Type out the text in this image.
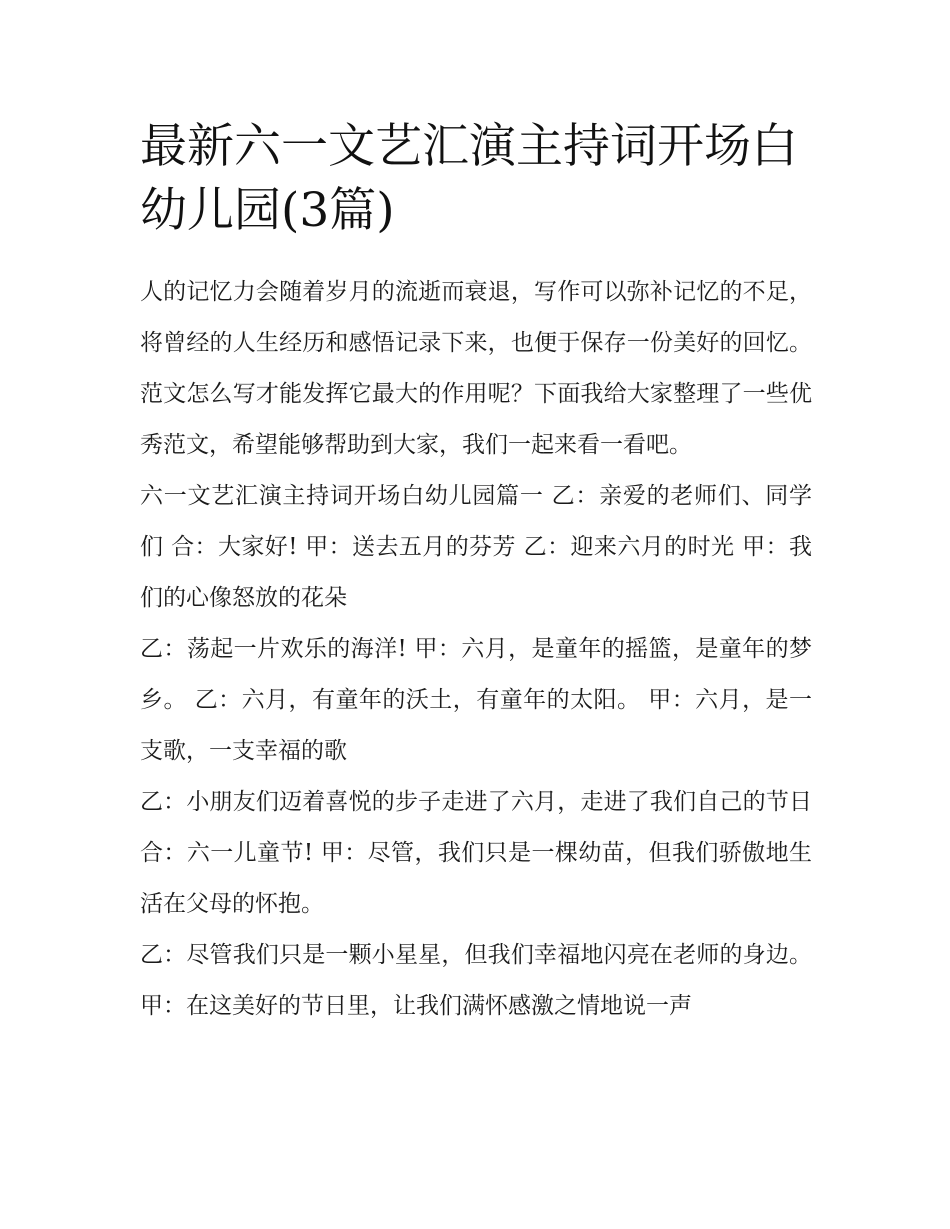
最新六一文艺汇演主持词开场白幼儿园(3篇)

人的记忆力会随着岁月的流逝而衰退，写作可以弥补记忆的不足，将曾经的人生经历和感悟记录下来，也便于保存一份美好的回忆。范文怎么写才能发挥它最大的作用呢？下面我给大家整理了一些优秀范文，希望能够帮助到大家，我们一起来看一看吧。

六一文艺汇演主持词开场白幼儿园篇一 乙：亲爱的老师们、同学们 合：大家好! 甲：送去五月的芬芳 乙：迎来六月的时光 甲：我们的心像怒放的花朵

乙：荡起一片欢乐的海洋! 甲：六月，是童年的摇篮，是童年的梦乡。 乙：六月，有童年的沃土，有童年的太阳。 甲：六月，是一支歌，一支幸福的歌

乙：小朋友们迈着喜悦的步子走进了六月，走进了我们自己的节日 合：六一儿童节! 甲：尽管，我们只是一棵幼苗，但我们骄傲地生活在父母的怀抱。

乙：尽管我们只是一颗小星星，但我们幸福地闪亮在老师的身边。 甲：在这美好的节日里，让我们满怀感激之情地说一声
